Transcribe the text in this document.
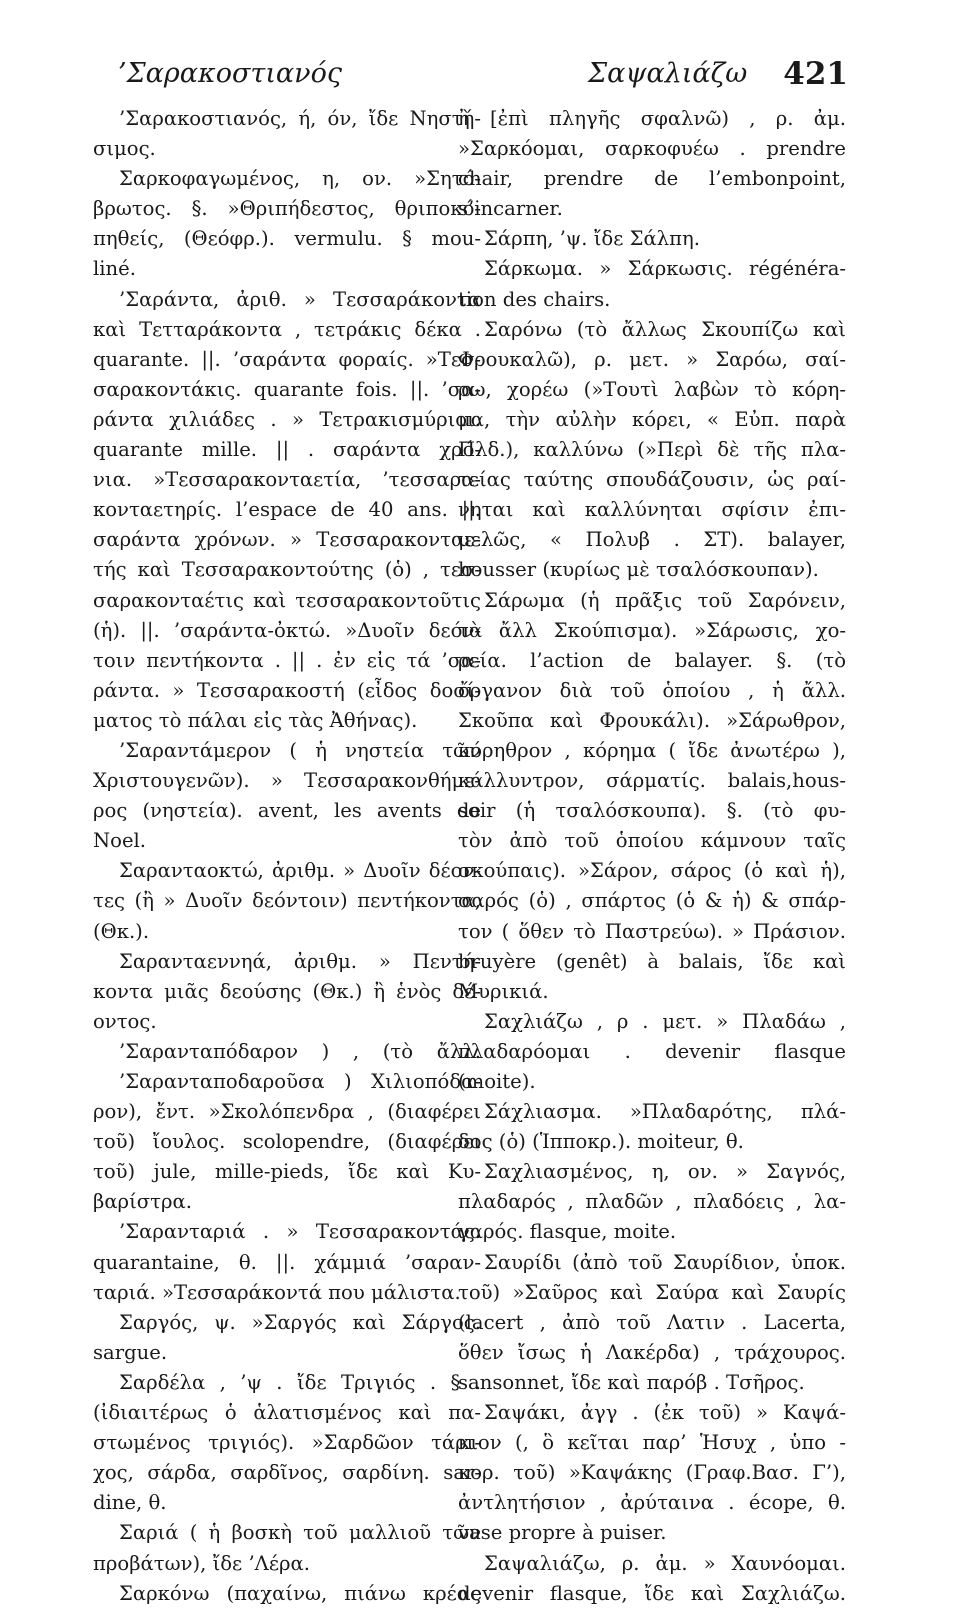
’Σαρακοστιανός	Σαψαλιάζω 421
’Σαρακοστιανός, ή, όν, ἴδε Νηστή-
σιμος.
Σαρκοφαγωμένος, η, ον. »Σητό-
βρωτος. §. »Θριπήδεστος, θριποκό-
πηθείς, (Θεόφρ.). vermulu. § mou-
liné.
’Σαράντα, ἀριθ. » Τεσσαράκοντα
καὶ Τετταράκοντα , τετράκις δέκα .
quarante. ||. ’σαράντα φοραίς. »Τεσ-
σαρακοντάκις. quarante fois. ||. ’σα-
ράντα χιλιάδες . » Τετρακισμύριοι.
quarante mille. || . σαράντα χρό-
νια. »Τεσσαρακονταετία, ’τεσσαρα-
κονταετηρίς. l’espace de 40 ans. ||.
σαράντα χρόνων. » Τεσσαρακονταε-
τής καὶ Τεσσαρακοντούτης (ὁ) , τεσ-
σαρακονταέτις καὶ τεσσαρακοντοῦτις
(ἡ). ||. ’σαράντα-ὀκτώ. »Δυοῖν δεόν-
τοιν πεντήκοντα . || . ἐν εἰς τά ’σα-
ράντα. » Τεσσαρακοστή (εἶδος δοσί-
ματος τὸ πάλαι εἰς τὰς Ἀθήνας).
’Σαραντάμερον ( ἡ νηστεία τῶν
Χριστουγενῶν). » Τεσσαρακονθήμε-
ρος (νηστεία). avent, les avents de
Noel.
Σαρανταοκτώ, ἀριθμ. » Δυοῖν δέον-
τες (ἢ » Δυοῖν δεόντοιν) πεντήκοντα,
(Θκ.).
Σαρανταεννηά, ἀριθμ. » Πεντή-
κοντα μιᾶς δεούσης (Θκ.) ἢ ἑνὸς δέ-
οντος.
’Σαρανταπόδαρον ) , (τὸ ἄλλ.
’Σαρανταποδαροῦσα ) Χιλιοπόδα-
ρον), ἔντ. »Σκολόπενδρα , (διαφέρει
τοῦ) ἴουλος. scolopendre, (διαφέρει
τοῦ) jule, mille-pieds, ἴδε καὶ Κυ-
βαρίστρα.
’Σαρανταριά . » Τεσσαρακοντάς.
quarantaine, θ. ||. χάμμιά ’σαραν-
ταριά. »Τεσσαράκοντά που μάλιστα.
Σαργός, ψ. »Σαργός καὶ Σάργος.
sargue.
Σαρδέλα , ’ψ . ἴδε Τριγιός . § .
(ἰδιαιτέρως ὁ ἁλατισμένος καὶ πα-
στωμένος τριγιός). »Σαρδῶον τάρι-
χος, σάρδα, σαρδῖνος, σαρδίνη. sar-
dine, θ.
Σαριά ( ἡ βοσκὴ τοῦ μαλλιοῦ τῶν
προβάτων), ἴδε ’Λέρα.
Σαρκόνω (παχαίνω, πιάνω κρέας
ἢ [ἐπὶ πληγῆς σφαλνῶ) , ρ. ἀμ.
»Σαρκόομαι, σαρκοφυέω . prendre
chair, prendre de l’embonpoint,
s’incarner.
Σάρπη, ’ψ. ἴδε Σάλπη.
Σάρκωμα. » Σάρκωσις. régénéra-
tion des chairs.
Σαρόνω (τὸ ἄλλως Σκουπίζω καὶ
Φρουκαλῶ), ρ. μετ. » Σαρόω, σαί-
ρω, χορέω (»Τουτὶ λαβὼν τὸ κόρη-
μα, τὴν αὐλὴν κόρει, « Εὐπ. παρὰ
Πλδ.), καλλύνω (»Περὶ δὲ τῆς πλα-
τείας ταύτης σπουδάζουσιν, ὡς ραί-
νηται καὶ καλλύνηται σφίσιν ἐπι-
μελῶς, « Πολυβ . ΣΤ). balayer,
housser (κυρίως μὲ τσαλόσκουπαν).
Σάρωμα (ἡ πρᾶξις τοῦ Σαρόνειν,
τὰ ἄλλ Σκούπισμα). »Σάρωσις, χο-
ρεία. l’action de balayer. §. (τὸ
ὄργανον διὰ τοῦ ὁποίου , ἡ ἄλλ.
Σκοῦπα καὶ Φρουκάλι). »Σάρωθρον,
κόρηθρον , κόρημα ( ἴδε ἀνωτέρω ),
κάλλυντρον, σάρματίς. balais,hous-
soir (ἡ τσαλόσκουπα). §. (τὸ φυ-
τὸν ἀπὸ τοῦ ὁποίου κάμνουν ταῖς
σκούπαις). »Σάρον, σάρος (ὁ καὶ ἡ),
σαρός (ὁ) , σπάρτος (ὁ & ἡ) & σπάρ-
τον ( ὅθεν τὸ Παστρεύω). » Πράσιον.
bruyère (genêt) à balais, ἴδε καὶ
Μυρικιά.
Σαχλιάζω , ρ . μετ. » Πλαδάω ,
πλαδαρόομαι . devenir flasque
(moite).
Σάχλιασμα. »Πλαδαρότης, πλά-
δος (ὁ) (Ἱπποκρ.). moiteur, θ.
Σαχλιασμένος, η, ον. » Σαγνός,
πλαδαρός , πλαδῶν , πλαδόεις , λα-
γαρός. flasque, moite.
Σαυρίδι (ἀπὸ τοῦ Σαυρίδιον, ὑποκ.
τοῦ) »Σαῦρος καὶ Σαύρα καὶ Σαυρίς
(lacert , ἀπὸ τοῦ Λατιν . Lacerta,
ὅθεν ἴσως ἡ Λακέρδα) , τράχουρος.
sansonnet, ἴδε καὶ παρόβ . Τσῆρος.
Σαψάκι, ἀγγ . (ἐκ τοῦ) » Καψά-
κιον (, ὃ κεῖται παρ’ Ἡσυχ , ὑπο -
κορ. τοῦ) »Καψάκης (Γραφ.Βασ. Γ’),
ἀντλητήσιον , ἀρύταινα . écope, θ.
vase propre à puiser.
Σαψαλιάζω, ρ. ἀμ. » Χαυνόομαι.
devenir flasque, ἴδε καὶ Σαχλιάζω.
